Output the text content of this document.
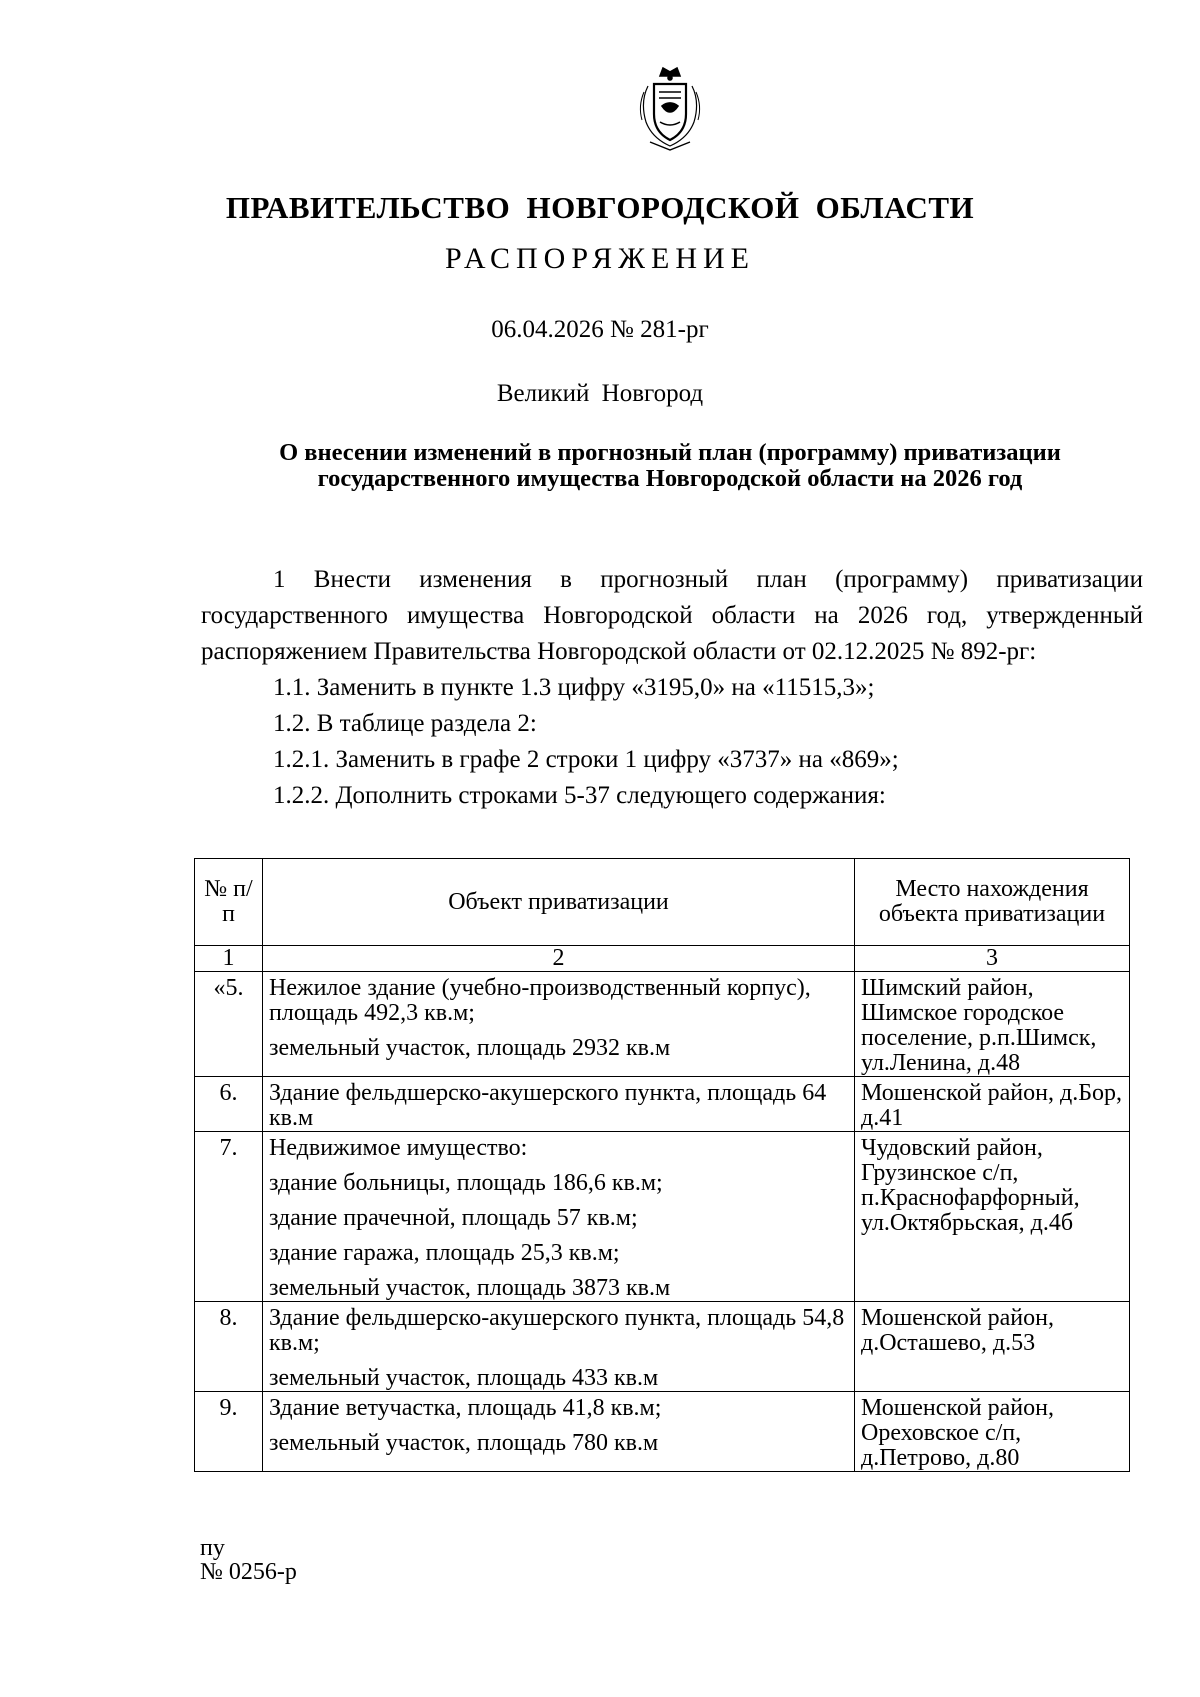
ПРАВИТЕЛЬСТВО НОВГОРОДСКОЙ ОБЛАСТИ
РАСПОРЯЖЕНИЕ
06.04.2026 № 281-рг
Великий Новгород
О внесении изменений в прогнозный план (программу) приватизации
государственного имущества Новгородской области на 2026 год

1 Внести изменения в прогнозный план (программу) приватизации государственного имущества Новгородской области на 2026 год, утвержденный распоряжением Правительства Новгородской области от 02.12.2025 № 892-рг:

1.1. Заменить в пункте 1.3 цифру «3195,0» на «11515,3»;

1.2. В таблице раздела 2:

1.2.1. Заменить в графе 2 строки 1 цифру «3737» на «869»;

1.2.2. Дополнить строками 5-37 следующего содержания:

№ п/п	Объект приватизации	Место нахождения объекта приватизации
1	2	3
«5.	Нежилое здание (учебно-производственный корпус), площадь 492,3 кв.м;

земельный участок, площадь 2932 кв.м	Шимский район, Шимское городское поселение, р.п.Шимск, ул.Ленина, д.48
6.	Здание фельдшерско-акушерского пункта, площадь 64 кв.м	Мошенской район, д.Бор, д.41
7.	Недвижимое имущество:

здание больницы, площадь 186,6 кв.м;

здание прачечной, площадь 57 кв.м;

здание гаража, площадь 25,3 кв.м;

земельный участок, площадь 3873 кв.м	Чудовский район, Грузинское с/п, п.Краснофарфорный, ул.Октябрьская, д.4б
8.	Здание фельдшерско-акушерского пункта, площадь 54,8 кв.м;

земельный участок, площадь 433 кв.м	Мошенской район, д.Осташево, д.53
9.	Здание ветучастка, площадь 41,8 кв.м;

земельный участок, площадь 780 кв.м	Мошенской район, Ореховское с/п, д.Петрово, д.80
пу
№ 0256-р
